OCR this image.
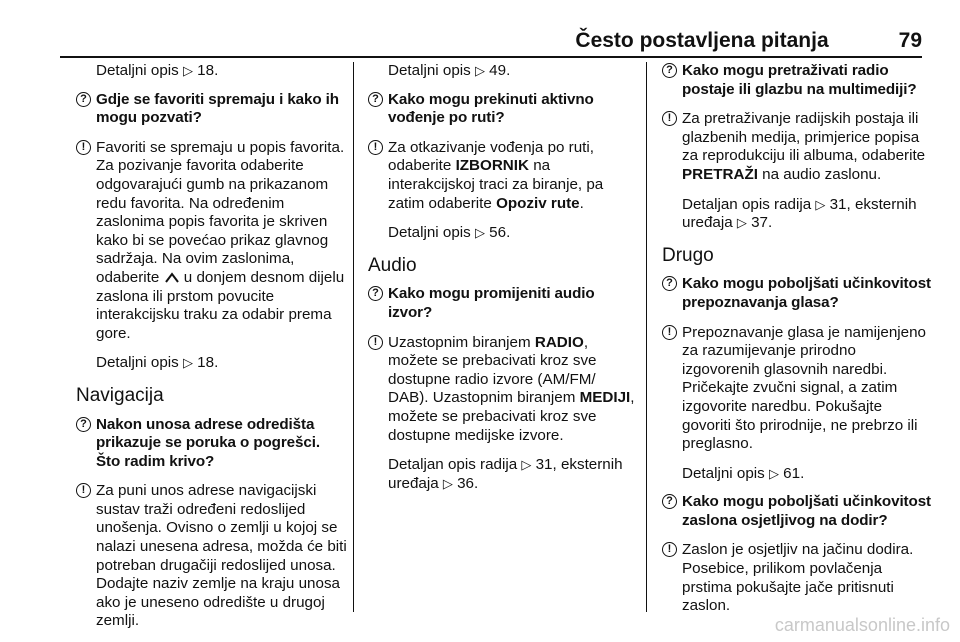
Često postavljena pitanja	79

Detaljni opis ▷ 18.

? Gdje se favoriti spremaju i kako ih mogu pozvati?
! Favoriti se spremaju u popis favorita. Za pozivanje favorita odaberite odgovarajući gumb na prikazanom redu favorita. Na određenim zaslonima popis favorita je skriven kako bi se povećao prikaz glavnog sadržaja. Na ovim zaslonima, odaberite  u donjem desnom dijelu zaslona ili prstom povucite interakcijsku traku za odabir prema gore.

Detaljni opis ▷ 18.

Navigacija
? Nakon unosa adrese odredišta prikazuje se poruka o pogrešci. Što radim krivo?
! Za puni unos adrese navigacijski sustav traži određeni redoslijed unošenja. Ovisno o zemlji u kojoj se nalazi unesena adresa, možda će biti potreban drugačiji redoslijed unosa. Dodajte naziv zemlje na kraju unosa ako je uneseno odredište u drugoj zemlji.

Detaljni opis ▷ 49.

? Kako mogu prekinuti aktivno vođenje po ruti?
! Za otkazivanje vođenja po ruti, odaberite IZBORNIK na interakcijskoj traci za biranje, pa zatim odaberite Opoziv rute.

Detaljni opis ▷ 56.

Audio
? Kako mogu promijeniti audio izvor?
! Uzastopnim biranjem RADIO, možete se prebacivati kroz sve dostupne radio izvore (AM/FM/ DAB). Uzastopnim biranjem MEDIJI, možete se prebacivati kroz sve dostupne medijske izvore.

Detaljan opis radija ▷ 31, eksternih uređaja ▷ 36.

? Kako mogu pretraživati radio postaje ili glazbu na multimediji?
! Za pretraživanje radijskih postaja ili glazbenih medija, primjerice popisa za reprodukciju ili albuma, odaberite PRETRAŽI na audio zaslonu.

Detaljan opis radija ▷ 31, eksternih uređaja ▷ 37.

Drugo
? Kako mogu poboljšati učinkovitost prepoznavanja glasa?
! Prepoznavanje glasa je namijenjeno za razumijevanje prirodno izgovorenih glasovnih naredbi. Pričekajte zvučni signal, a zatim izgovorite naredbu. Pokušajte govoriti što prirodnije, ne prebrzo ili preglasno.

Detaljni opis ▷ 61.

? Kako mogu poboljšati učinkovitost zaslona osjetljivog na dodir?
! Zaslon je osjetljiv na jačinu dodira. Posebice, prilikom povlačenja prstima pokušajte jače pritisnuti zaslon.
carmanualsonline.info
